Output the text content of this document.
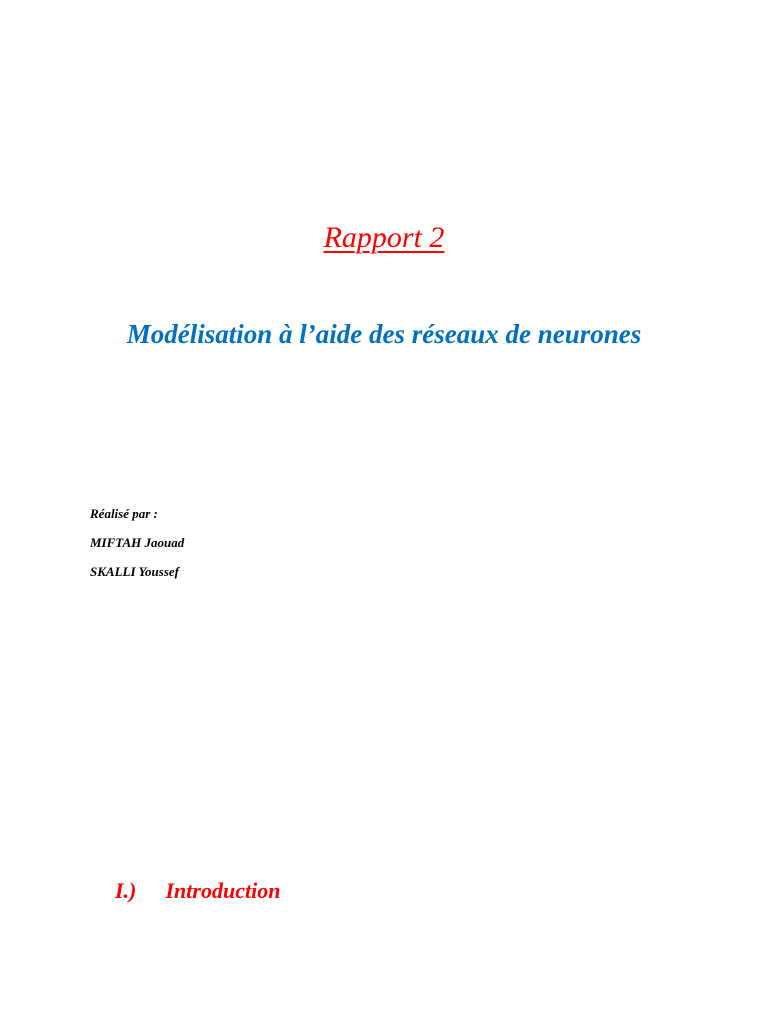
Rapport 2
Modélisation à l’aide des réseaux de neurones
Réalisé par :
MIFTAH Jaouad
SKALLI Youssef
I.) Introduction
